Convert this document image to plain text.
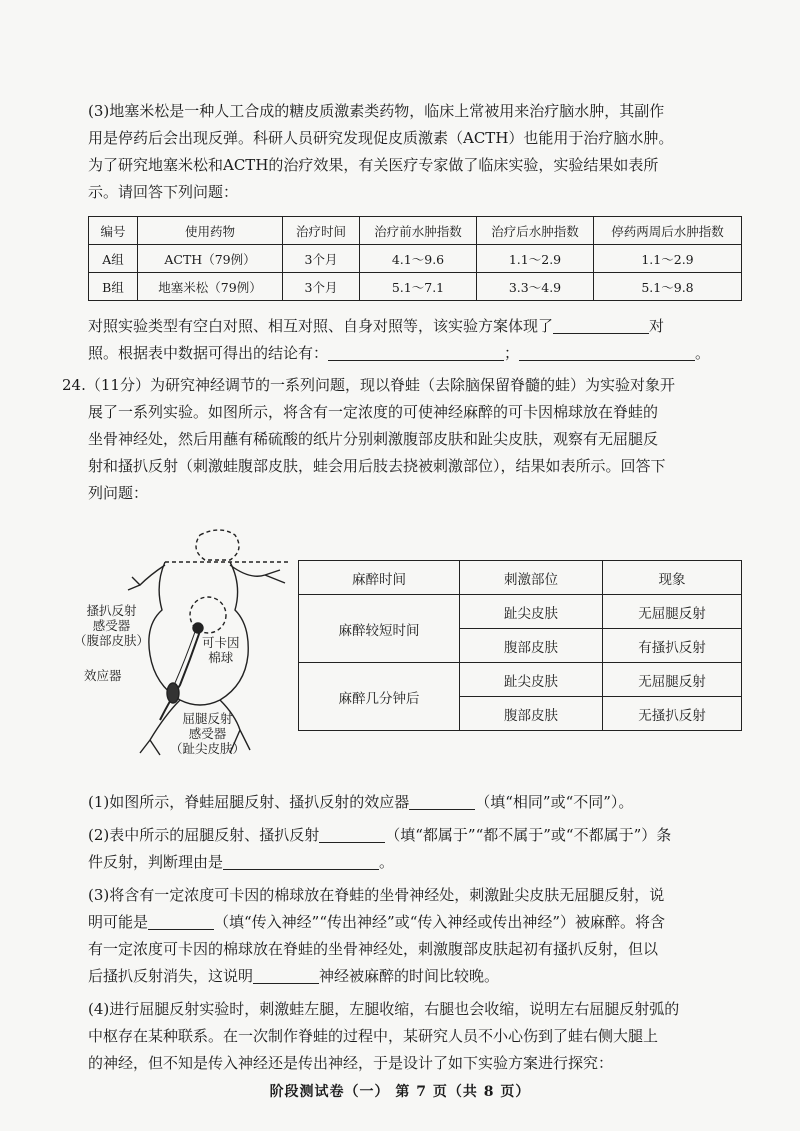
(3)地塞米松是一种人工合成的糖皮质激素类药物，临床上常被用来治疗脑水肿，其副作
用是停药后会出现反弹。科研人员研究发现促皮质激素（ACTH）也能用于治疗脑水肿。
为了研究地塞米松和ACTH的治疗效果，有关医疗专家做了临床实验，实验结果如表所
示。请回答下列问题：
编号	使用药物	治疗时间	治疗前水肿指数	治疗后水肿指数	停药两周后水肿指数
A组	ACTH（79例）	3个月	4.1～9.6	1.1～2.9	1.1～2.9
B组	地塞米松（79例）	3个月	5.1～7.1	3.3～4.9	5.1～9.8
对照实验类型有空白对照、相互对照、自身对照等，该实验方案体现了	对
照。根据表中数据可得出的结论有：	；	。
24.（11分）为研究神经调节的一系列问题，现以脊蛙（去除脑保留脊髓的蛙）为实验对象开
展了一系列实验。如图所示，将含有一定浓度的可使神经麻醉的可卡因棉球放在脊蛙的
坐骨神经处，然后用蘸有稀硫酸的纸片分别刺激腹部皮肤和趾尖皮肤，观察有无屈腿反
射和搔扒反射（刺激蛙腹部皮肤，蛙会用后肢去挠被刺激部位），结果如表所示。回答下
列问题：
搔扒反射
感受器
（腹部皮肤）	可卡因
棉球
效应器
屈腿反射
感受器
（趾尖皮肤）
麻醉时间	刺激部位	现象
麻醉较短时间	趾尖皮肤	无屈腿反射
	腹部皮肤	有搔扒反射
麻醉几分钟后	趾尖皮肤	无屈腿反射
	腹部皮肤	无搔扒反射
(1)如图所示，脊蛙屈腿反射、搔扒反射的效应器	（填“相同”或“不同”）。
(2)表中所示的屈腿反射、搔扒反射	（填“都属于”“都不属于”或“不都属于”）条
件反射，判断理由是	。
(3)将含有一定浓度可卡因的棉球放在脊蛙的坐骨神经处，刺激趾尖皮肤无屈腿反射，说
明可能是	（填“传入神经”“传出神经”或“传入神经或传出神经”）被麻醉。将含
有一定浓度可卡因的棉球放在脊蛙的坐骨神经处，刺激腹部皮肤起初有搔扒反射，但以
后搔扒反射消失，这说明	神经被麻醉的时间比较晚。
(4)进行屈腿反射实验时，刺激蛙左腿，左腿收缩，右腿也会收缩，说明左右屈腿反射弧的
中枢存在某种联系。在一次制作脊蛙的过程中，某研究人员不小心伤到了蛙右侧大腿上
的神经，但不知是传入神经还是传出神经，于是设计了如下实验方案进行探究：
阶段测试卷（一） 第 7 页（共 8 页）
